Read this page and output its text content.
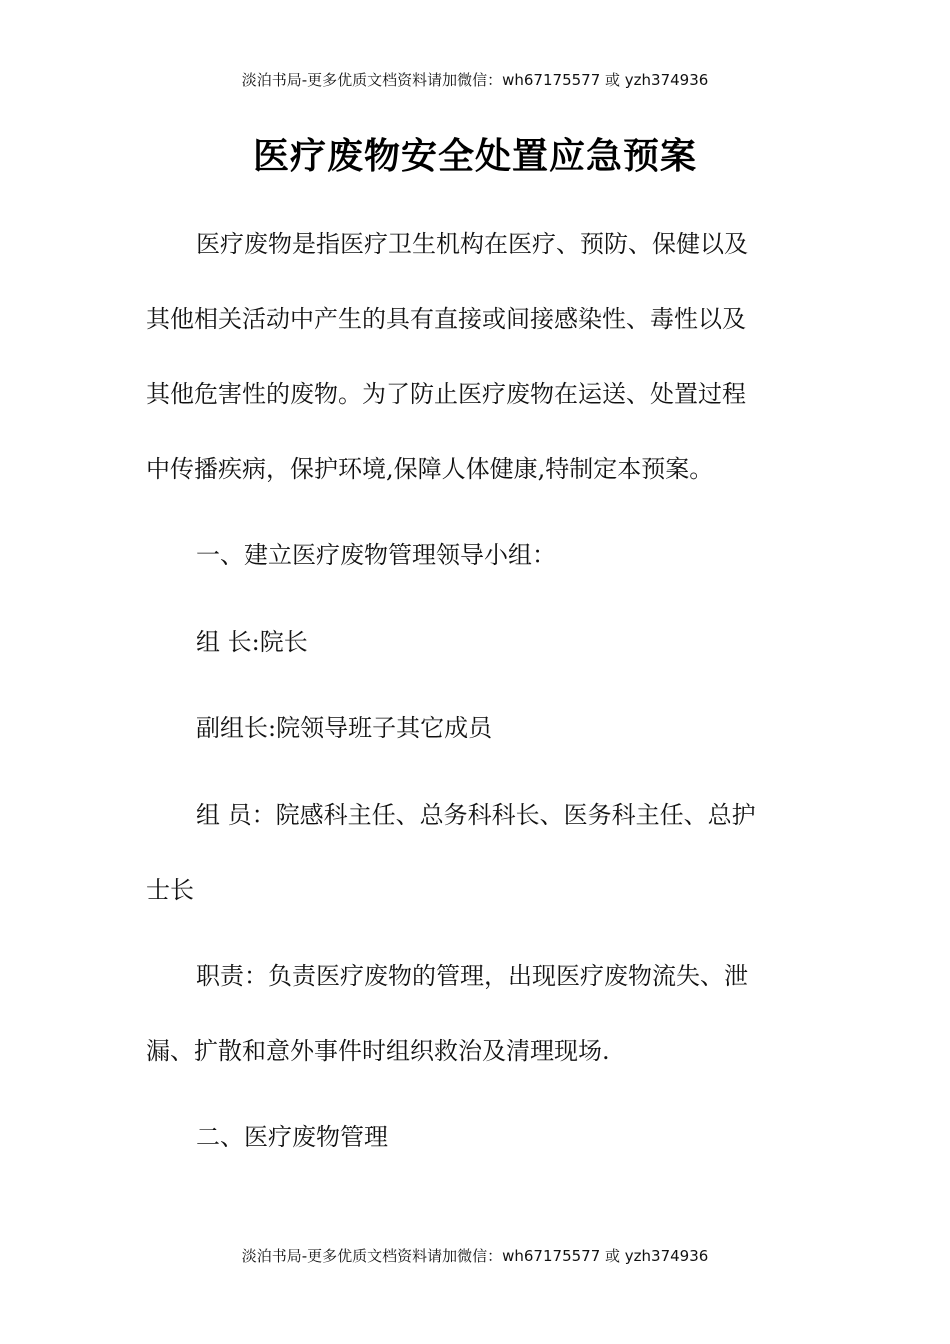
淡泊书局-更多优质文档资料请加微信：wh67175577 或 yzh374936
医疗废物安全处置应急预案
医疗废物是指医疗卫生机构在医疗、预防、保健以及
其他相关活动中产生的具有直接或间接感染性、毒性以及
其他危害性的废物。为了防止医疗废物在运送、处置过程
中传播疾病，保护环境,保障人体健康,特制定本预案。
一、建立医疗废物管理领导小组：
组 长:院长
副组长:院领导班子其它成员
组 员：院感科主任、总务科科长、医务科主任、总护
士长
职责：负责医疗废物的管理，出现医疗废物流失、泄
漏、扩散和意外事件时组织救治及清理现场.
二、医疗废物管理
淡泊书局-更多优质文档资料请加微信：wh67175577 或 yzh374936
